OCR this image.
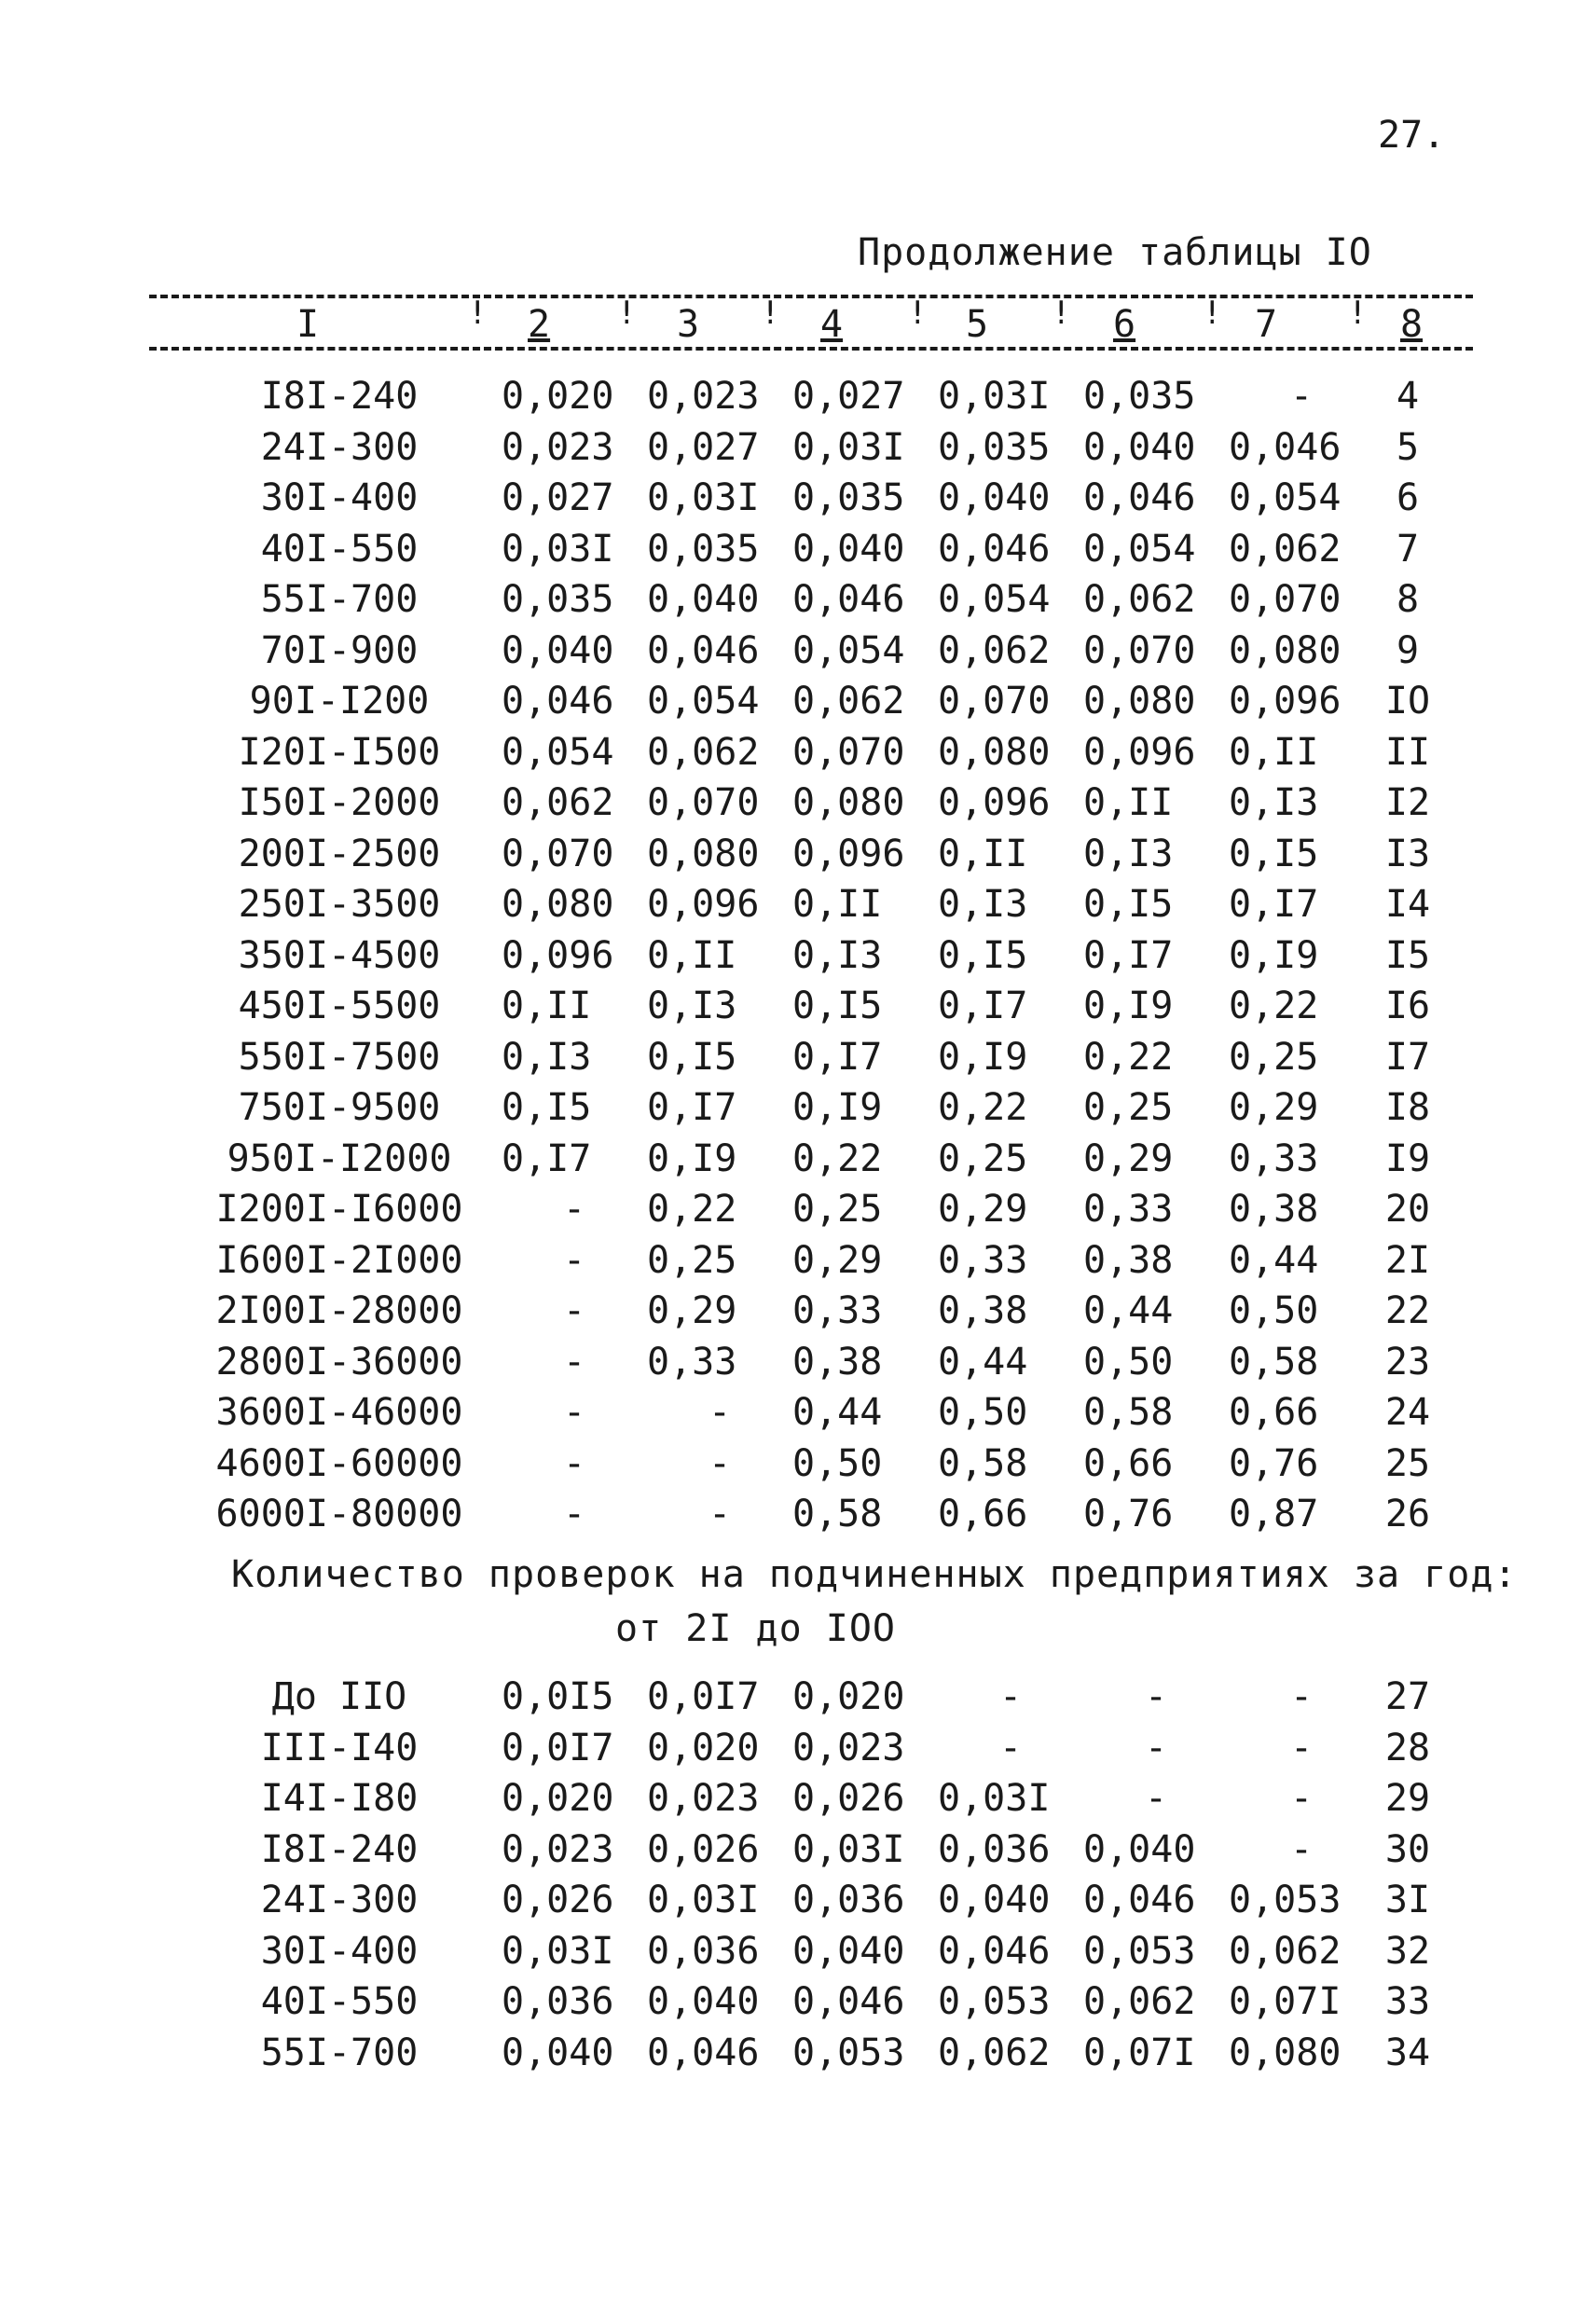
27.
Продолжение таблицы IO
!	!	!	!	!	!	!
I	2	3	4	5	6	7	8
I8I-240	0,020	0,023	0,027	0,03I	0,035	-	4
24I-300	0,023	0,027	0,03I	0,035	0,040	0,046	5
30I-400	0,027	0,03I	0,035	0,040	0,046	0,054	6
40I-550	0,03I	0,035	0,040	0,046	0,054	0,062	7
55I-700	0,035	0,040	0,046	0,054	0,062	0,070	8
70I-900	0,040	0,046	0,054	0,062	0,070	0,080	9
90I-I200	0,046	0,054	0,062	0,070	0,080	0,096	IO
I20I-I500	0,054	0,062	0,070	0,080	0,096	0,II	II
I50I-2000	0,062	0,070	0,080	0,096	0,II	0,I3	I2
200I-2500	0,070	0,080	0,096	0,II	0,I3	0,I5	I3
250I-3500	0,080	0,096	0,II	0,I3	0,I5	0,I7	I4
350I-4500	0,096	0,II	0,I3	0,I5	0,I7	0,I9	I5
450I-5500	0,II	0,I3	0,I5	0,I7	0,I9	0,22	I6
550I-7500	0,I3	0,I5	0,I7	0,I9	0,22	0,25	I7
750I-9500	0,I5	0,I7	0,I9	0,22	0,25	0,29	I8
950I-I2000	0,I7	0,I9	0,22	0,25	0,29	0,33	I9
I200I-I6000	-	0,22	0,25	0,29	0,33	0,38	20
I600I-2I000	-	0,25	0,29	0,33	0,38	0,44	2I
2I00I-28000	-	0,29	0,33	0,38	0,44	0,50	22
2800I-36000	-	0,33	0,38	0,44	0,50	0,58	23
3600I-46000	-	-	0,44	0,50	0,58	0,66	24
4600I-60000	-	-	0,50	0,58	0,66	0,76	25
6000I-80000	-	-	0,58	0,66	0,76	0,87	26
Количество проверок на подчиненных предприятиях за год:
от 2I до IOO
До IIO	0,0I5	0,0I7	0,020	-	-	-	27
III-I40	0,0I7	0,020	0,023	-	-	-	28
I4I-I80	0,020	0,023	0,026	0,03I	-	-	29
I8I-240	0,023	0,026	0,03I	0,036	0,040	-	30
24I-300	0,026	0,03I	0,036	0,040	0,046	0,053	3I
30I-400	0,03I	0,036	0,040	0,046	0,053	0,062	32
40I-550	0,036	0,040	0,046	0,053	0,062	0,07I	33
55I-700	0,040	0,046	0,053	0,062	0,07I	0,080	34
